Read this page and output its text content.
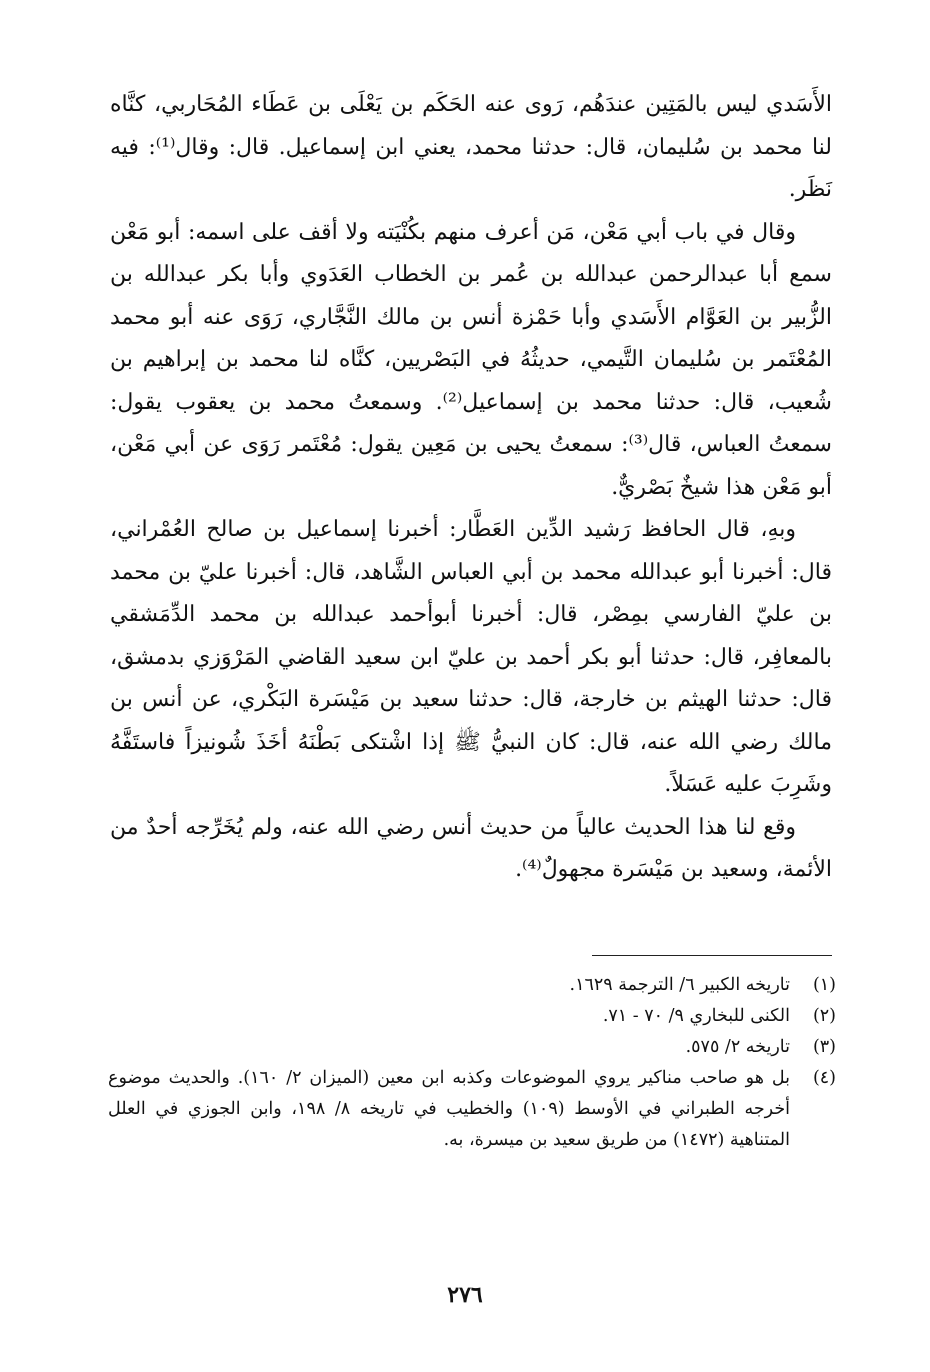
الأَسَدي ليس بالمَتِين عندَهُم، رَوى عنه الحَكَم بن يَعْلَى بن عَطَاء المُحَاربي، كنَّاه لنا محمد بن سُليمان، قال: حدثنا محمد، يعني ابن إسماعيل. قال: وقال⁽¹⁾: فيه نَظَر.

وقال في باب أبي مَعْن، مَن أعرف منهم بكُنْيَته ولا أقف على اسمه: أبو مَعْن سمع أبا عبدالرحمن عبدالله بن عُمر بن الخطاب العَدَوي وأبا بكر عبدالله بن الزُّبير بن العَوَّام الأَسَدي وأبا حَمْزة أنس بن مالك النَّجَّاري، رَوَى عنه أبو محمد المُعْتَمر بن سُليمان التَّيمي، حديثُهُ في البَصْريين، كنَّاه لنا محمد بن إبراهيم بن شُعيب، قال: حدثنا محمد بن إسماعيل⁽²⁾. وسمعتُ محمد بن يعقوب يقول: سمعتُ العباس، قال⁽³⁾: سمعتُ يحيى بن مَعِين يقول: مُعْتَمر رَوَى عن أبي مَعْن، أبو مَعْن هذا شيخٌ بَصْريٌّ.

وبهِ، قال الحافظ رَشيد الدِّين العَطَّار: أخبرنا إسماعيل بن صالح العُمْراني، قال: أخبرنا أبو عبدالله محمد بن أبي العباس الشَّاهد، قال: أخبرنا عليّ بن محمد بن عليّ الفارسي بمِصْر، قال: أخبرنا أبوأحمد عبدالله بن محمد الدِّمَشقي بالمعافِر، قال: حدثنا أبو بكر أحمد بن عليّ ابن سعيد القاضي المَرْوَزي بدمشق، قال: حدثنا الهيثم بن خارجة، قال: حدثنا سعيد بن مَيْسَرة البَكْري، عن أنس بن مالك رضي الله عنه، قال: كان النبيُّ ﷺ إذا اشْتكى بَطْنَهُ أخَذَ شُونيزاً فاستَفَّهُ وشَرِبَ عليه عَسَلاً.

وقع لنا هذا الحديث عالياً من حديث أنس رضي الله عنه، ولم يُخَرِّجه أحدٌ من الأئمة، وسعيد بن مَيْسَرة مجهولٌ⁽⁴⁾.

(١)
تاريخه الكبير ٦/ الترجمة ١٦٢٩.
(٢)
الكنى للبخاري ٩/ ٧٠ - ٧١.
(٣)
تاريخه ٢/ ٥٧٥.
(٤)
بل هو صاحب مناكير يروي الموضوعات وكذبه ابن معين (الميزان ٢/ ١٦٠). والحديث موضوع أخرجه الطبراني في الأوسط (١٠٩) والخطيب في تاريخه ٨/ ١٩٨، وابن الجوزي في العلل المتناهية (١٤٧٢) من طريق سعيد بن ميسرة، به.
٢٧٦
